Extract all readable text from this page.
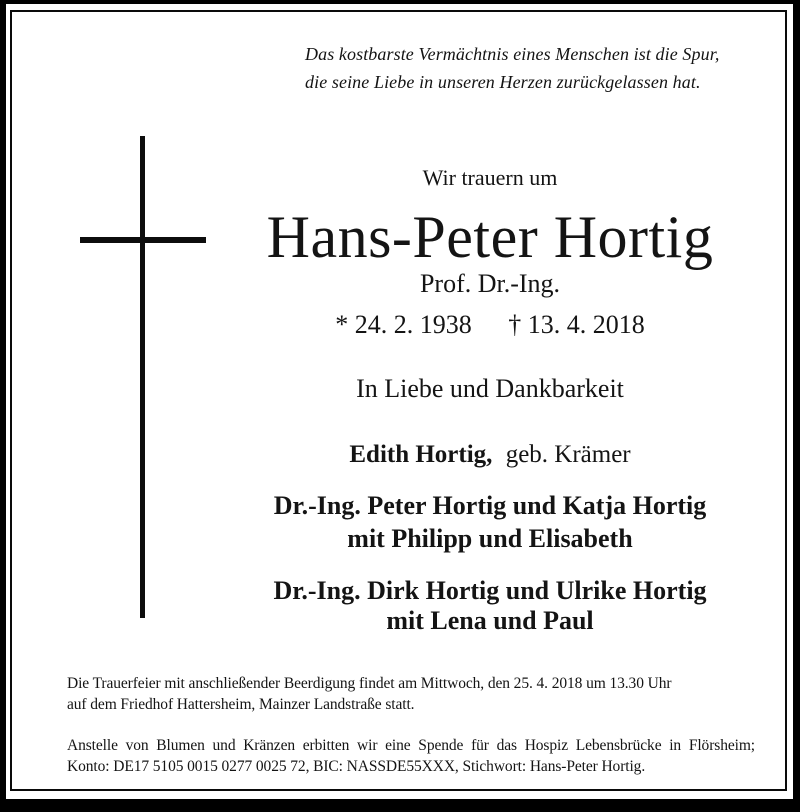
Das kostbarste Vermächtnis eines Menschen ist die Spur,
die seine Liebe in unseren Herzen zurückgelassen hat.
Wir trauern um
Hans-Peter Hortig
Prof. Dr.-Ing.
* 24. 2. 1938 † 13. 4. 2018
In Liebe und Dankbarkeit
Edith Hortig, geb. Krämer
Dr.-Ing. Peter Hortig und Katja Hortig
mit Philipp und Elisabeth
Dr.-Ing. Dirk Hortig und Ulrike Hortig
mit Lena und Paul
Die Trauerfeier mit anschließender Beerdigung findet am Mittwoch, den 25. 4. 2018 um 13.30 Uhr
auf dem Friedhof Hattersheim, Mainzer Landstraße statt.
Anstelle von Blumen und Kränzen erbitten wir eine Spende für das Hospiz Lebensbrücke in Flörsheim;
Konto: DE17 5105 0015 0277 0025 72, BIC: NASSDE55XXX, Stichwort: Hans-Peter Hortig.
